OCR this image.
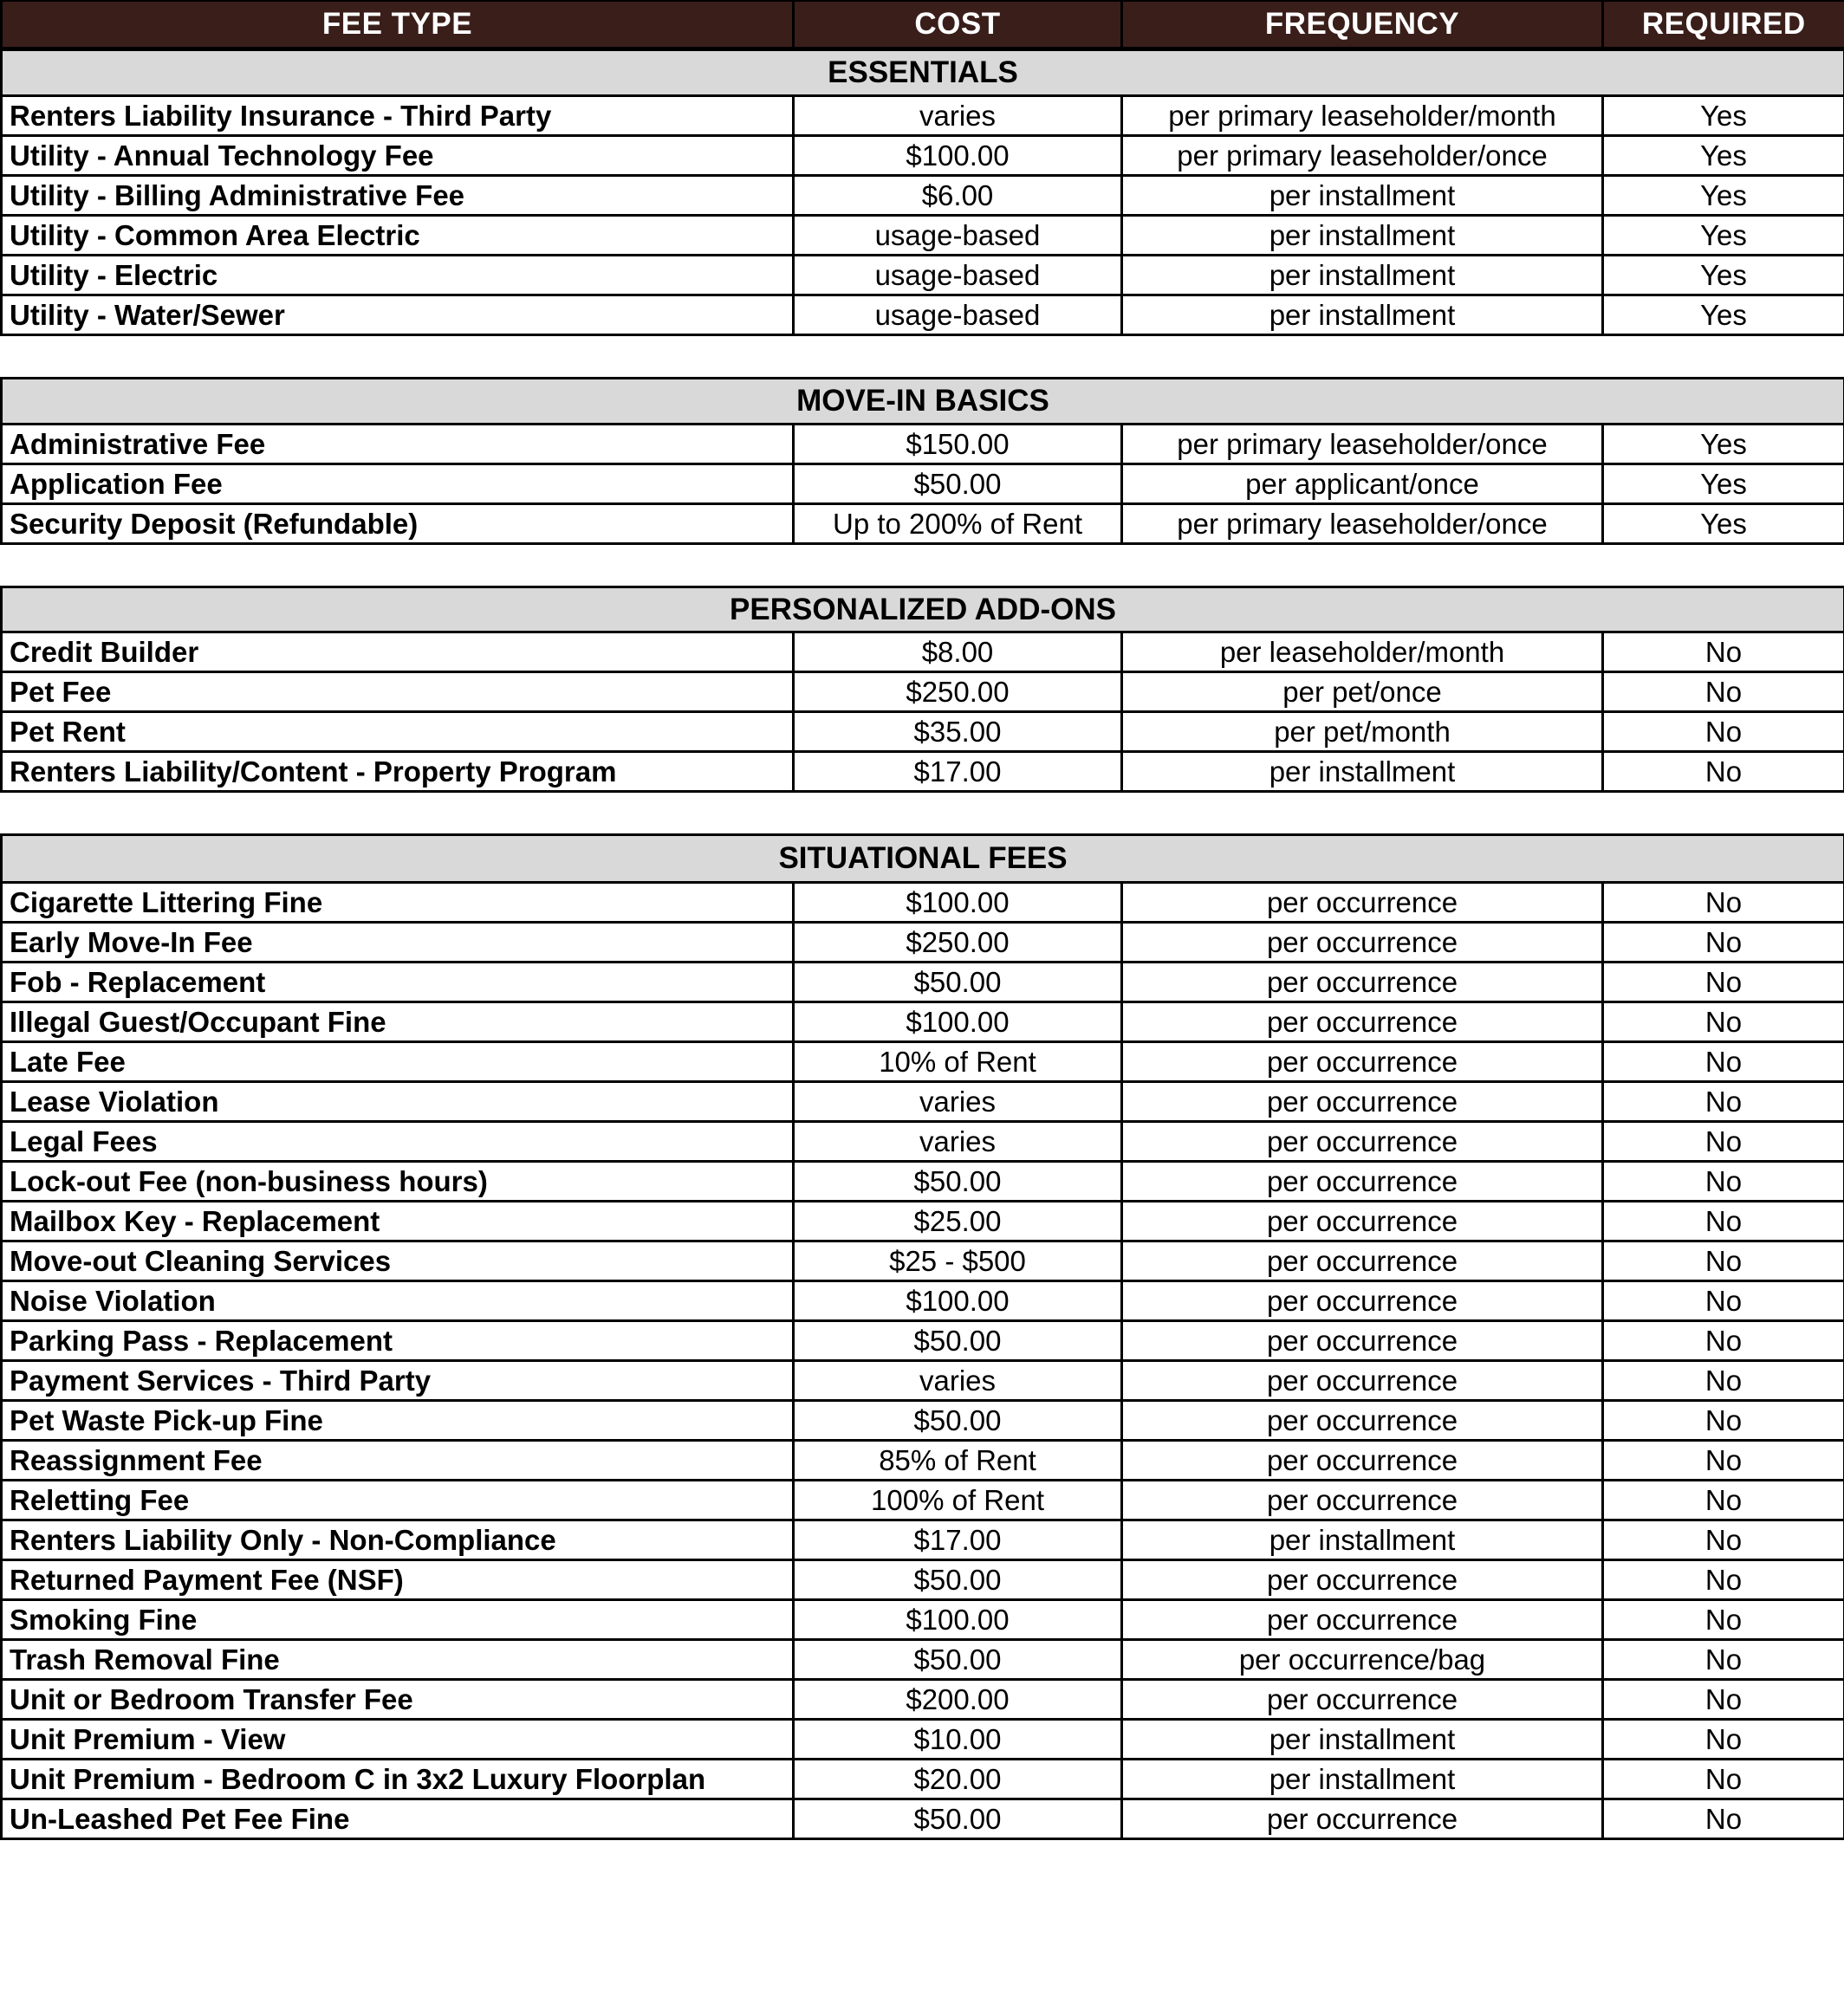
FEE TYPE	COST	FREQUENCY	REQUIRED
ESSENTIALS			
Renters Liability Insurance - Third Party	varies	per primary leaseholder/month	Yes
Utility - Annual Technology Fee	$100.00	per primary leaseholder/once	Yes
Utility - Billing Administrative Fee	$6.00	per installment	Yes
Utility - Common Area Electric	usage-based	per installment	Yes
Utility - Electric	usage-based	per installment	Yes
Utility - Water/Sewer	usage-based	per installment	Yes
MOVE-IN BASICS			
Administrative Fee	$150.00	per primary leaseholder/once	Yes
Application Fee	$50.00	per applicant/once	Yes
Security Deposit (Refundable)	Up to 200% of Rent	per primary leaseholder/once	Yes
PERSONALIZED ADD-ONS			
Credit Builder	$8.00	per leaseholder/month	No
Pet Fee	$250.00	per pet/once	No
Pet Rent	$35.00	per pet/month	No
Renters Liability/Content - Property Program	$17.00	per installment	No
SITUATIONAL FEES			
Cigarette Littering Fine	$100.00	per occurrence	No
Early Move-In Fee	$250.00	per occurrence	No
Fob - Replacement	$50.00	per occurrence	No
Illegal Guest/Occupant Fine	$100.00	per occurrence	No
Late Fee	10% of Rent	per occurrence	No
Lease Violation	varies	per occurrence	No
Legal Fees	varies	per occurrence	No
Lock-out Fee (non-business hours)	$50.00	per occurrence	No
Mailbox Key - Replacement	$25.00	per occurrence	No
Move-out Cleaning Services	$25 - $500	per occurrence	No
Noise Violation	$100.00	per occurrence	No
Parking Pass - Replacement	$50.00	per occurrence	No
Payment Services - Third Party	varies	per occurrence	No
Pet Waste Pick-up Fine	$50.00	per occurrence	No
Reassignment Fee	85% of Rent	per occurrence	No
Reletting Fee	100% of Rent	per occurrence	No
Renters Liability Only - Non-Compliance	$17.00	per installment	No
Returned Payment Fee (NSF)	$50.00	per occurrence	No
Smoking Fine	$100.00	per occurrence	No
Trash Removal Fine	$50.00	per occurrence/bag	No
Unit or Bedroom Transfer Fee	$200.00	per occurrence	No
Unit Premium - View	$10.00	per installment	No
Unit Premium - Bedroom C in 3x2 Luxury Floorplan	$20.00	per installment	No
Un-Leashed Pet Fee Fine	$50.00	per occurrence	No
